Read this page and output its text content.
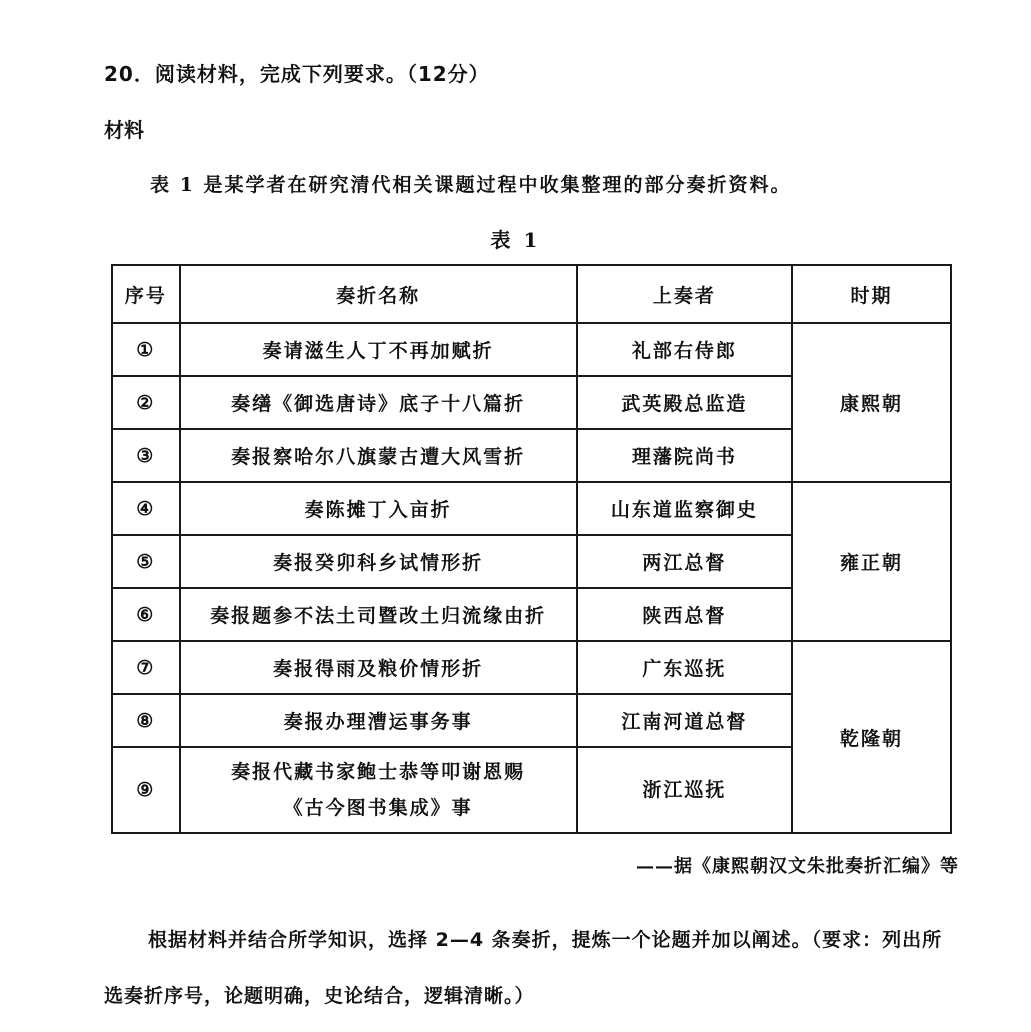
20．阅读材料，完成下列要求。（12分）
材料
表 1 是某学者在研究清代相关课题过程中收集整理的部分奏折资料。
表 1
序号	奏折名称	上奏者	时期
①	奏请滋生人丁不再加赋折	礼部右侍郎	康熙朝
②	奏缮《御选唐诗》底子十八篇折	武英殿总监造	
③	奏报察哈尔八旗蒙古遭大风雪折	理藩院尚书	
④	奏陈摊丁入亩折	山东道监察御史	雍正朝
⑤	奏报癸卯科乡试情形折	两江总督	
⑥	奏报题参不法土司暨改土归流缘由折	陕西总督	
⑦	奏报得雨及粮价情形折	广东巡抚	乾隆朝
⑧	奏报办理漕运事务事	江南河道总督	
⑨	奏报代藏书家鲍士恭等叩谢恩赐
《古今图书集成》事	浙江巡抚	
——据《康熙朝汉文朱批奏折汇编》等
根据材料并结合所学知识，选择 2—4 条奏折，提炼一个论题并加以阐述。（要求：列出所选奏折序号，论题明确，史论结合，逻辑清晰。）
